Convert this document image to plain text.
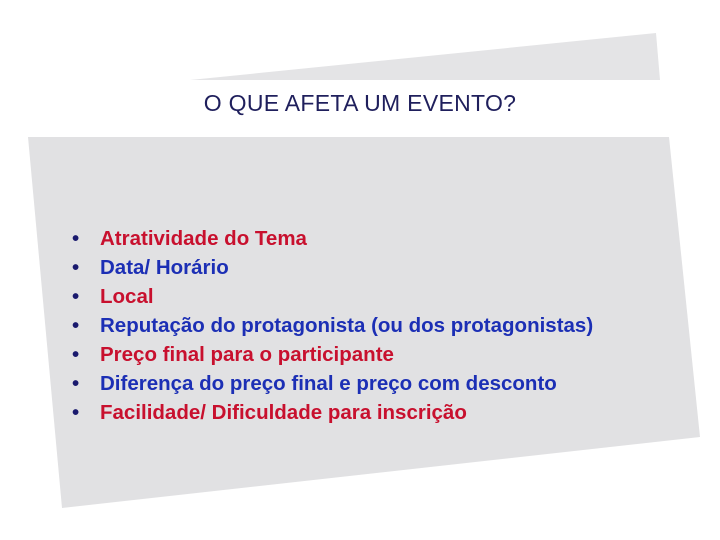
O QUE AFETA UM EVENTO?
•	Atratividade do Tema
•	Data/ Horário
•	Local
•	Reputação do protagonista (ou dos protagonistas)
•	Preço final para o participante
•	Diferença do preço final e preço com desconto
•	Facilidade/ Dificuldade para inscrição
